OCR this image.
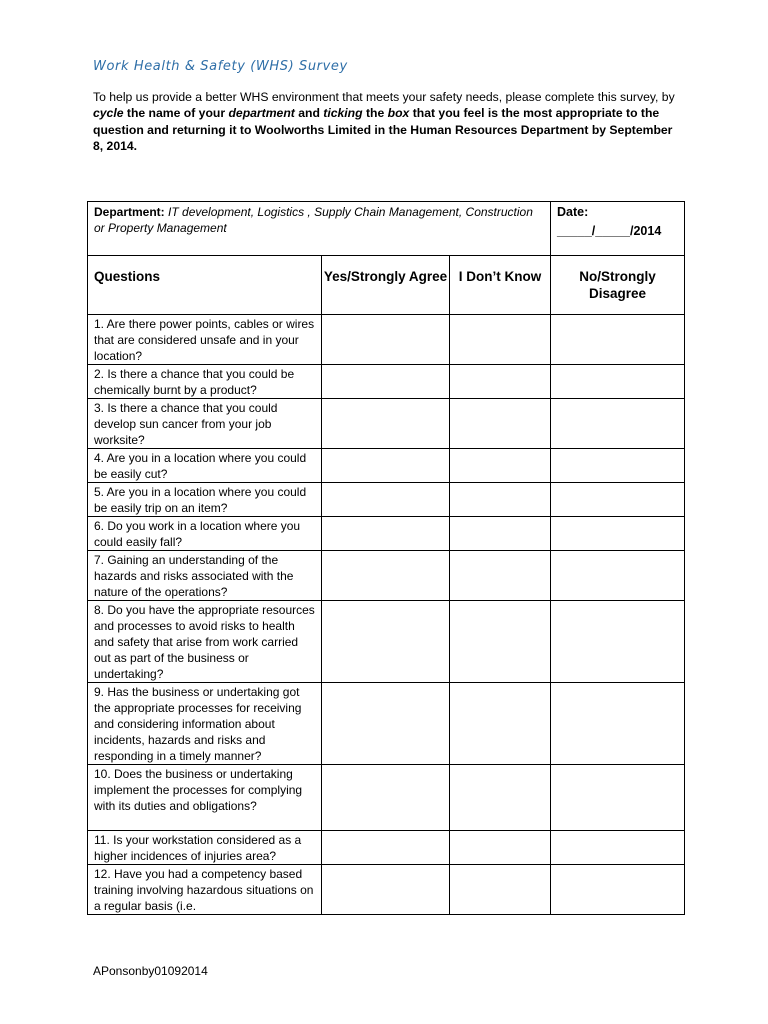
Work Health & Safety (WHS) Survey
To help us provide a better WHS environment that meets your safety needs, please complete this survey, by cycle the name of your department and ticking the box that you feel is the most appropriate to the question and returning it to Woolworths Limited in the Human Resources Department by September 8, 2014.
Department: IT development, Logistics , Supply Chain Management, Construction or Property Management			Date:
_____/_____/2014

Questions	Yes/Strongly Agree	I Don’t Know	No/Strongly Disagree
1. Are there power points, cables or wires that are considered unsafe and in your location?			
2. Is there a chance that you could be chemically burnt by a product?			
3. Is there a chance that you could develop sun cancer from your job worksite?			
4. Are you in a location where you could be easily cut?			
5. Are you in a location where you could be easily trip on an item?			
6. Do you work in a location where you could easily fall?			
7. Gaining an understanding of the hazards and risks associated with the nature of the operations?			
8. Do you have the appropriate resources and processes to avoid risks to health and safety that arise from work carried out as part of the business or undertaking?			
9. Has the business or undertaking got the appropriate processes for receiving and considering information about incidents, hazards and risks and responding in a timely manner?			
10. Does the business or undertaking implement the processes for complying with its duties and obligations?			
11. Is your workstation considered as a higher incidences of injuries area?			
12. Have you had a competency based training involving hazardous situations on a regular basis (i.e.			
APonsonby01092014
